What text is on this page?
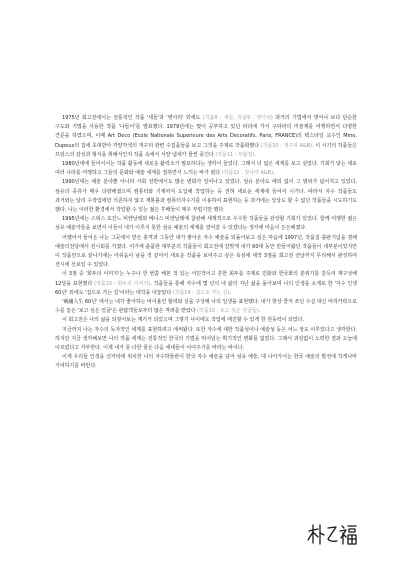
1975년 회고전에서는 전통적인 작품 '새들'과 '병아리' 외에도 (작품8 : 새들, 작품9 : 병아리) 과거의 기법에서 벗어나 보다 단순한 구도와 기법을 사용한 작품 '나들이'를 발표했다. 1979년에는 몇이 공부하고 있던 파리에 가서 구라파의 미술계를 여행하면서 다양한 견문을 하였으며, 이때 Art Deco (Ecole Nationale Superieure des Arts Decoratifs, Paris, FRANCE)의 텍스타일 교수인 Mme. Dupeux의 집에 초대받아 각양각색의 개구리 관련 수집품들을 보고 그것을 주제로 작품화했다 (작품10 : 개구리 A&B). 이 시기의 작품들은 프랑스의 감성과 형식을 취해서인지 작품 속에서 서양 냄새가 물씬 풍긴다 (작품11 : 부활절).

1980년대에 들어서서는 작품 활동에 새로운 활력소가 필요하다는 생각이 들었다. 그래서 더 넓은 세계를 보고 싶었다. 기회가 닿는 대로 여러 나라를 여행하고 그들의 문화와 예술 세계를 접하면서 느끼는 바가 컸다 (작품12 : 달나라 A&B).

1990년대는 예술 분야뿐 아니라 사회 전반에서도 많은 변화가 일어나고 있었다. 섬유 분야도 예외 없이 그 범위가 넓어지고 있었다. 섬유의 종류가 매우 다양해졌으며 컴퓨터와 기계까지 도입해 작업하는 등 전혀 새로운 세계에 들어서 시기다. 따라서 자수 작품들도 과거와는 달리 수작업에만 의존하지 않고 재봉틀과 컴퓨터자수기를 이용하여 표현하는 등 과거에는 상상도 할 수 없던 작품들을 시도하기도 했다. 나는 이러한 환경에서 작업할 수 있는 젊은 후배들이 매우 부럽기만 했다.

1995년에는 스위스 로잔느 비엔날레와 베니스 비엔날레에 참관해 세계적으로 우수한 작품들을 감상할 기회가 있었다. 함께 여행한 젊은 섬유 예술가들을 보면서 이들이 내가 이루지 못한 섬유 예술의 세계를 열어갈 수 있겠다는 생각에 마음이 든든해졌다.

어쨌어서 들어온 나는 그곳에서 받은 충격과 그동안 내가 쌓아온 자수 예술을 되돌아보고 싶은 마음에 1997년, 작품집 출판기념을 겸해 예술의전당에서 전시회를 가졌다. 여기에 출품한 대부분의 작품들이 회고전에 갈맞게 내가 60대 동안 만들어왔던 작품들이 대부분이었지만 이 작품만으로 끝나기에는 아쉬움이 남을 것 같아서 새로운 작품을 보여주고 싶은 욕심에 대작 3점을 회고전 전날까지 무리해서 완성하여 전시에 선보일 수 있었다.

이 3점 중 '회두의 이미지'는 누구나 한 번쯤 해본 적 있는 서민적이고 흔한 회두를 주제로 민화와 한국화의 분위기를 갈득여 재구성해 12달을 표현했다 (작품13 : 회두의 이미지). 작품들을 통해 자수에 몇 년의 내 삶의 지난 삶을 돌아보며 나의 인생을 소재로 한 '자수 인생 60년' 외에도 '집으로 가는 길'이라는 대작을 내놓았다 (작품14 : 집으로 가는 길).

'刺繡人生 60년' 에서는 내가 좋아하는 바이올린 할려와 실을 구성해 나의 일생을 표현했다. 내가 항상 즐겨 쓰던 수실 대신 머리카락으로 수를 놓은 '보고 싶은 얼굴'은 관람객들로부터 많은 격려를 받았다 (작품15 : 보고 싶은 얼굴들).

이 회고전은 나의 삶을 되짚어보는 계기가 되었으며 그렇기 나이에도 작업에 매진할 수 있게 한 원동력이 되었다.

지금까지 나는 자수의 독자적인 세계를 표현하려고 애써왔다. 또한 자수에 대한 작품성이나 예술성 등은 어느 정도 이루었다고 생각한다. 하지만 지금 생각해보면 나의 작품 세계는 전통적인 한국의 기법을 뛰어넘는 획기적인 변화를 없었다. 그래서 과감없이 노력한 결과 오늘에 이르렀다고 자부한다. 이제 내가 못 다한 꿈은 다음 세대들이 이어주기를 바라는 바이다.

이제 우리들 인생을 선자락에 위치한 나의 자수박물관이 한국 자수 예술을 넘어 섬유 예술, 대 나아가서는 한국 예술의 발전에 작게나마 기여하기를 바란다.
